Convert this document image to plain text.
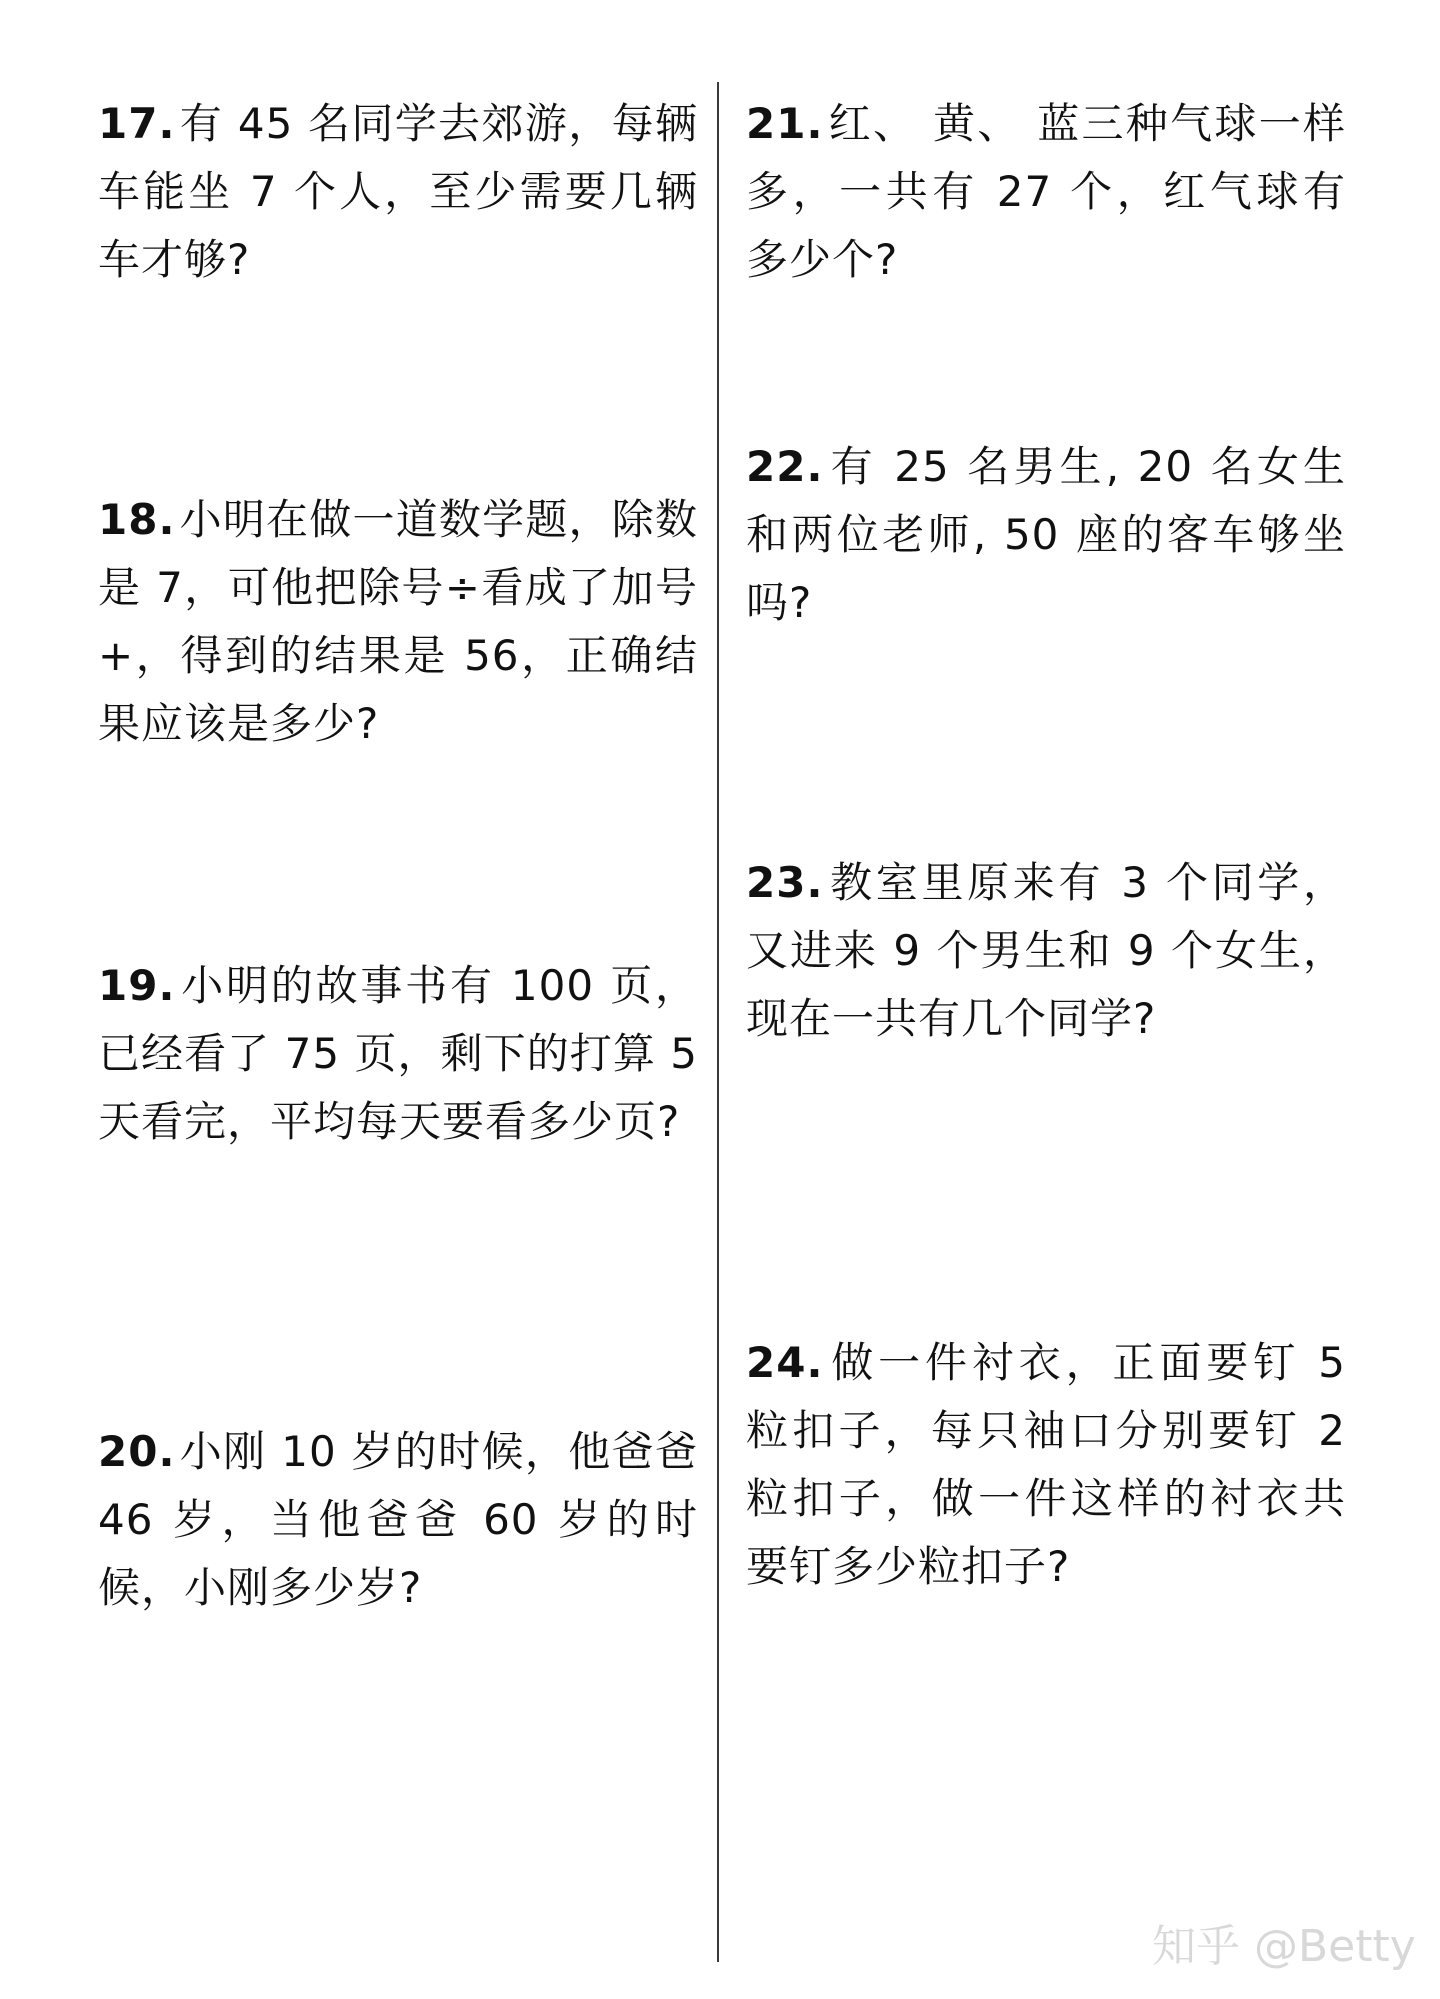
17.有 45 名同学去郊游，每辆车能坐 7 个人，至少需要几辆车才够?
18.小明在做一道数学题，除数是 7，可他把除号÷看成了加号+，得到的结果是 56，正确结果应该是多少?
19.小明的故事书有 100 页，已经看了 75 页，剩下的打算 5 天看完，平均每天要看多少页?
20.小刚 10 岁的时候，他爸爸 46 岁，当他爸爸 60 岁的时候，小刚多少岁?
21.红、 黄、 蓝三种气球一样多，一共有 27 个，红气球有多少个?
22.有 25 名男生, 20 名女生和两位老师, 50 座的客车够坐吗?
23.教室里原来有 3 个同学，又进来 9 个男生和 9 个女生，现在一共有几个同学?
24.做一件衬衣，正面要钉 5 粒扣子，每只袖口分别要钉 2 粒扣子，做一件这样的衬衣共要钉多少粒扣子?
知乎 @Betty
